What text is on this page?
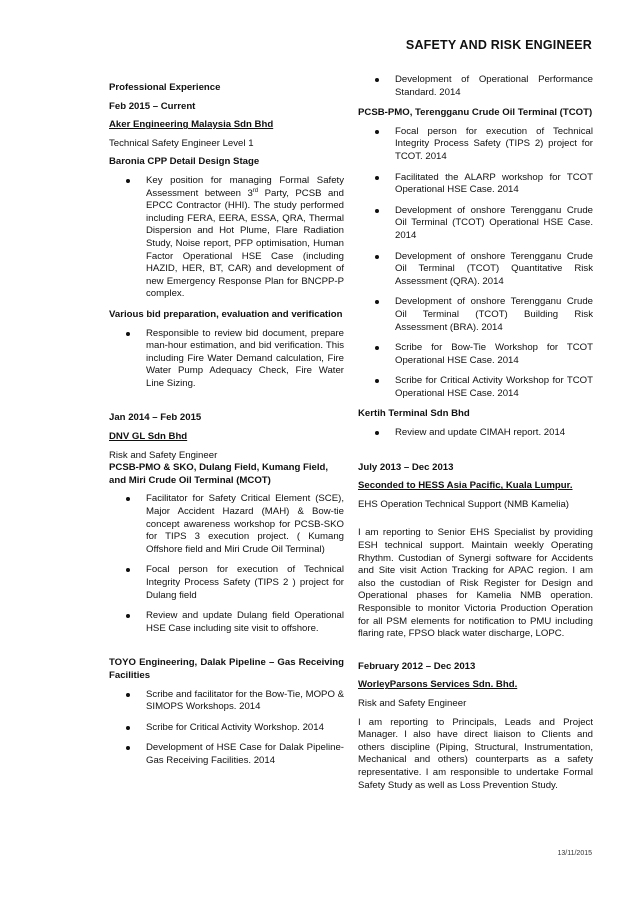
SAFETY AND RISK ENGINEER

Professional Experience

Feb 2015 – Current

Aker Engineering Malaysia Sdn Bhd

Technical Safety Engineer Level 1

Baronia CPP Detail Design Stage

Key position for managing Formal Safety Assessment between 3rd Party, PCSB and EPCC Contractor (HHI). The study performed including FERA, EERA, ESSA, QRA, Thermal Dispersion and Hot Plume, Flare Radiation Study, Noise report, PFP optimisation, Human Factor Operational HSE Case (including HAZID, HER, BT, CAR) and development of new Emergency Response Plan for BNCPP-P complex.

Various bid preparation, evaluation and verification

Responsible to review bid document, prepare man-hour estimation, and bid verification. This including Fire Water Demand calculation, Fire Water Pump Adequacy Check, Fire Water Line Sizing.

Jan 2014 – Feb 2015

DNV GL Sdn Bhd

Risk and Safety Engineer

PCSB-PMO & SKO, Dulang Field, Kumang Field, and Miri Crude Oil Terminal (MCOT)

Facilitator for Safety Critical Element (SCE), Major Accident Hazard (MAH) & Bow-tie concept awareness workshop for PCSB-SKO for TIPS 3 execution project. ( Kumang Offshore field and Miri Crude Oil Terminal)
Focal person for execution of Technical Integrity Process Safety (TIPS 2 ) project for Dulang field
Review and update Dulang field Operational HSE Case including site visit to offshore.

TOYO Engineering, Dalak Pipeline – Gas Receiving Facilities

Scribe and facilitator for the Bow-Tie, MOPO & SIMOPS Workshops. 2014
Scribe for Critical Activity Workshop. 2014
Development of HSE Case for Dalak Pipeline-Gas Receiving Facilities. 2014
Development of Operational Performance Standard. 2014

PCSB-PMO, Terengganu Crude Oil Terminal (TCOT)

Focal person for execution of Technical Integrity Process Safety (TIPS 2) project for TCOT. 2014
Facilitated the ALARP workshop for TCOT Operational HSE Case. 2014
Development of onshore Terengganu Crude Oil Terminal (TCOT) Operational HSE Case. 2014
Development of onshore Terengganu Crude Oil Terminal (TCOT) Quantitative Risk Assessment (QRA). 2014
Development of onshore Terengganu Crude Oil Terminal (TCOT) Building Risk Assessment (BRA). 2014
Scribe for Bow-Tie Workshop for TCOT Operational HSE Case. 2014
Scribe for Critical Activity Workshop for TCOT Operational HSE Case. 2014

Kertih Terminal Sdn Bhd

Review and update CIMAH report. 2014

July 2013 – Dec 2013

Seconded to HESS Asia Pacific, Kuala Lumpur.

EHS Operation Technical Support (NMB Kamelia)

I am reporting to Senior EHS Specialist by providing ESH technical support. Maintain weekly Operating Rhythm. Custodian of Synergi software for Accidents and Site visit Action Tracking for APAC region. I am also the custodian of Risk Register for Design and Operational phases for Kamelia NMB operation. Responsible to monitor Victoria Production Operation for all PSM elements for notification to PMU including flaring rate, FPSO black water discharge, LOPC.

February 2012 – Dec 2013

WorleyParsons Services Sdn. Bhd.

Risk and Safety Engineer

I am reporting to Principals, Leads and Project Manager. I also have direct liaison to Clients and others discipline (Piping, Structural, Instrumentation, Mechanical and others) counterparts as a safety representative. I am responsible to undertake Formal Safety Study as well as Loss Prevention Study.

13/11/2015
